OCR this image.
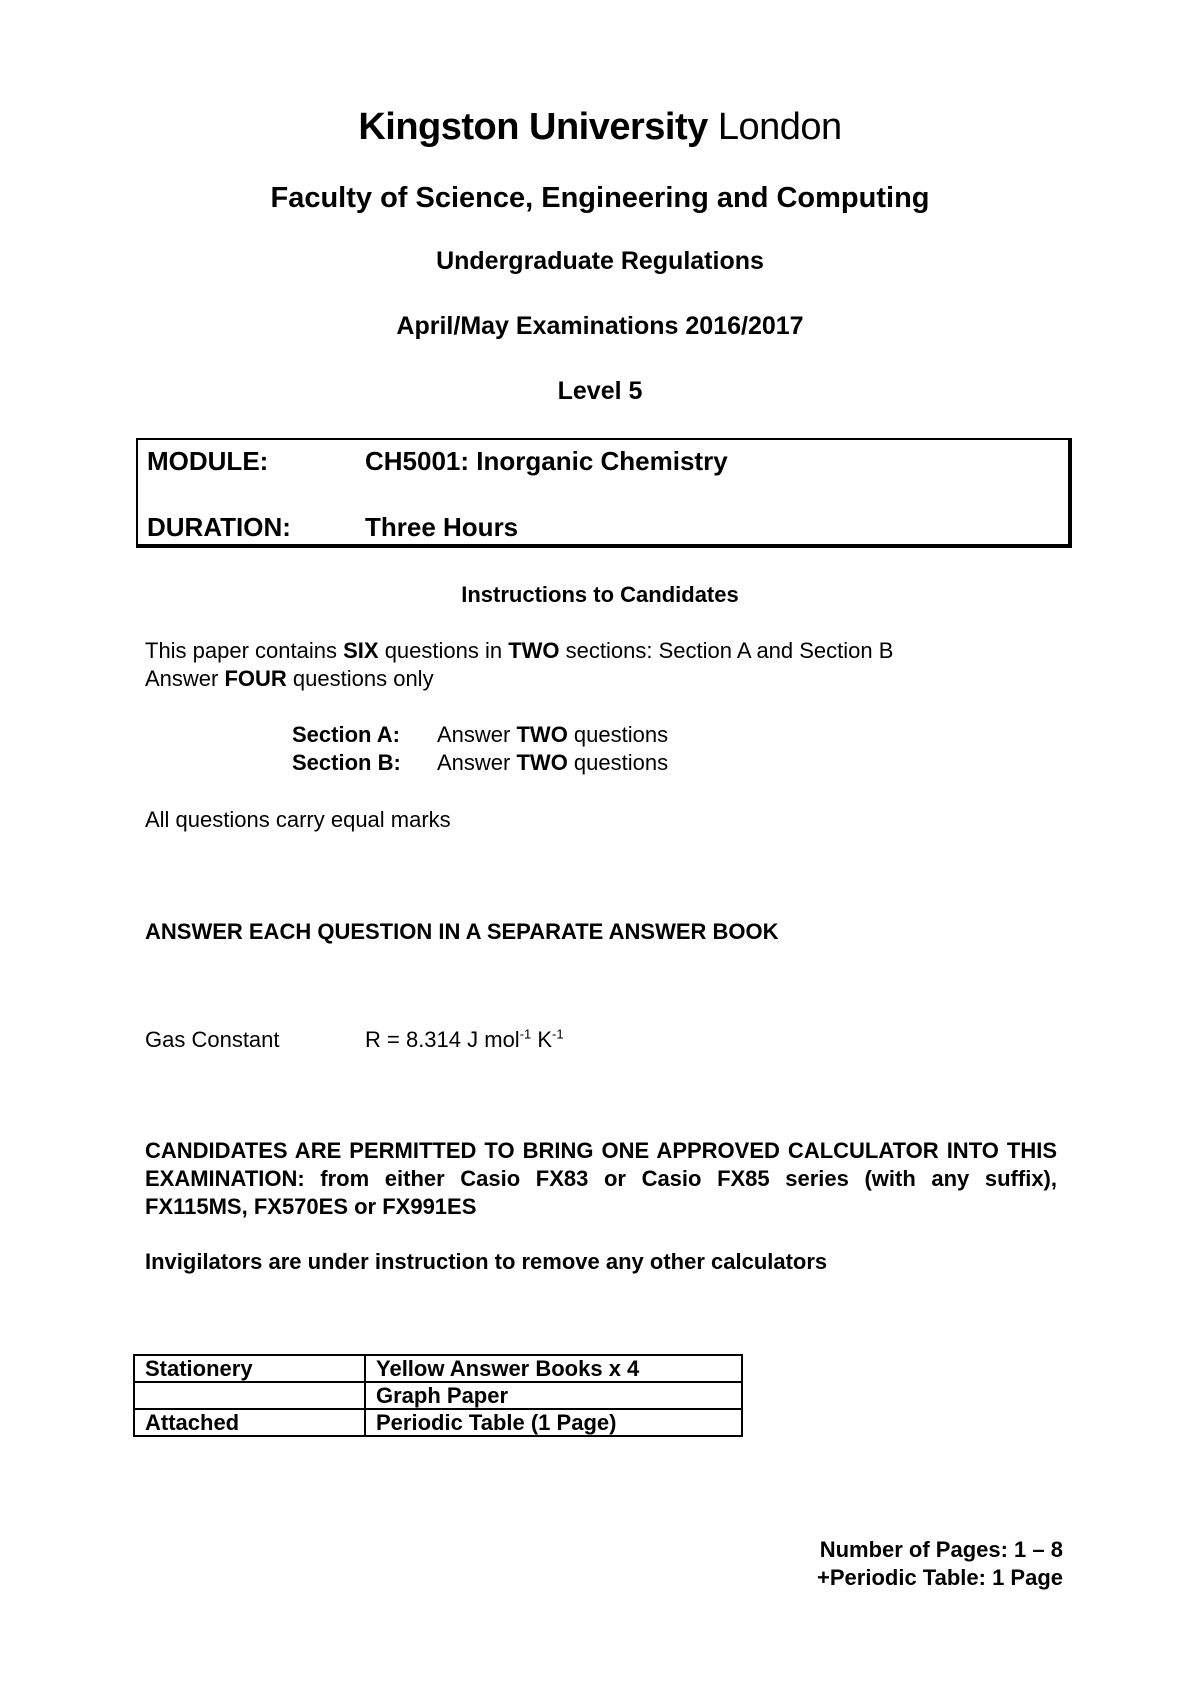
Kingston University London
Faculty of Science, Engineering and Computing
Undergraduate Regulations
April/May Examinations 2016/2017
Level 5
MODULE:	CH5001: Inorganic Chemistry
DURATION:	Three Hours
Instructions to Candidates
This paper contains SIX questions in TWO sections: Section A and Section B
Answer FOUR questions only
Section A: Answer TWO questions
Section B: Answer TWO questions
All questions carry equal marks
ANSWER EACH QUESTION IN A SEPARATE ANSWER BOOK
Gas Constant	R = 8.314 J mol$^{-1}$ $K^{-1}$
CANDIDATES ARE PERMITTED TO BRING ONE APPROVED CALCULATOR INTO THIS EXAMINATION: from either Casio FX83 or Casio FX85 series (with any suffix), FX115MS, FX570ES or FX991ES
Invigilators are under instruction to remove any other calculators
Stationery	Yellow Answer Books x 4
	Graph Paper
Attached	Periodic Table (1 Page)
Number of Pages: 1 – 8
+Periodic Table: 1 Page
